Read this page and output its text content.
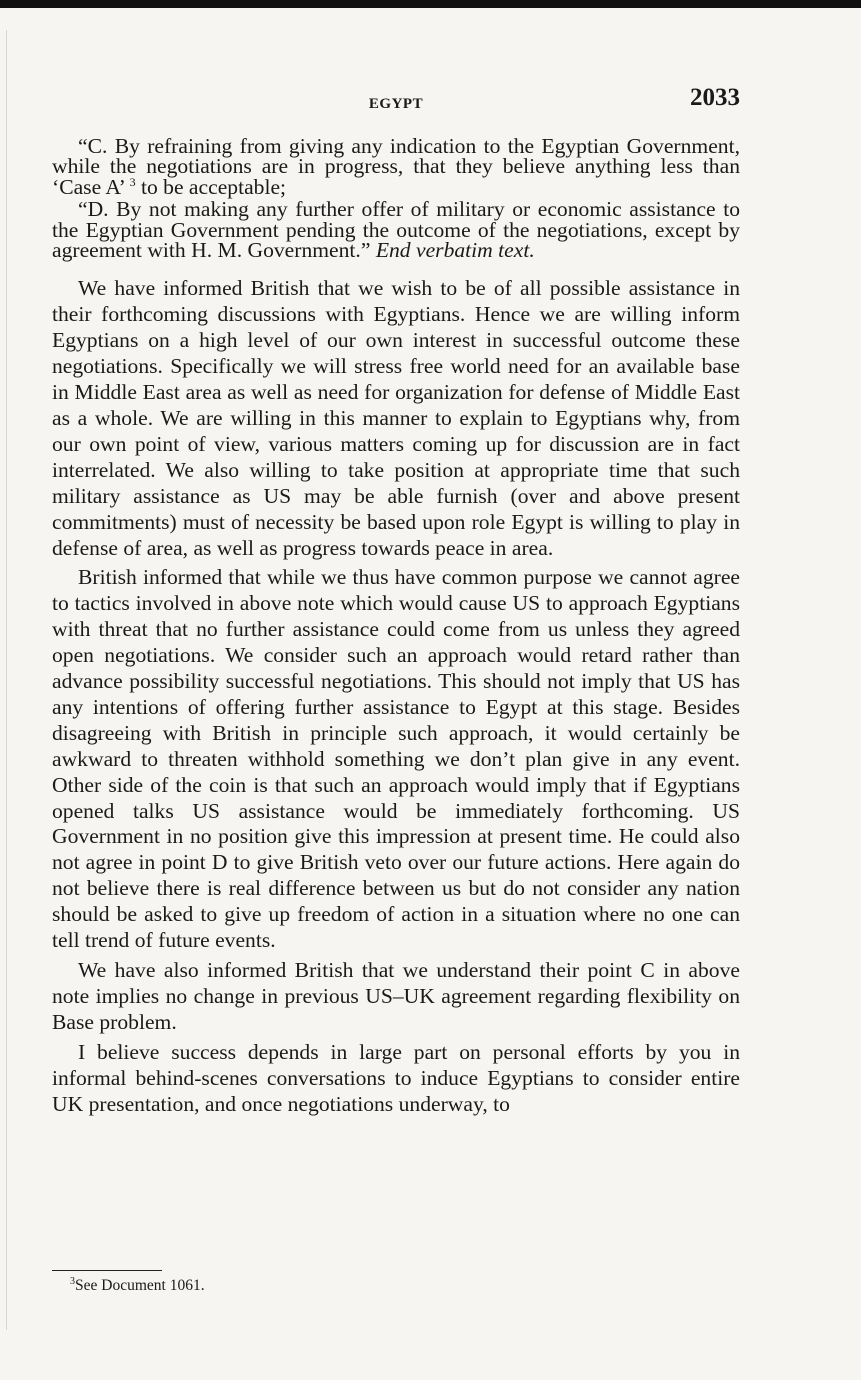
EGYPT	2033

“C. By refraining from giving any indication to the Egyptian Government, while the negotiations are in progress, that they believe anything less than ‘Case A’ $^3$ to be acceptable;

“D. By not making any further offer of military or economic assistance to the Egyptian Government pending the outcome of the negotiations, except by agreement with H. M. Government.” End verbatim text.

We have informed British that we wish to be of all possible assistance in their forthcoming discussions with Egyptians. Hence we are willing inform Egyptians on a high level of our own interest in successful outcome these negotiations. Specifically we will stress free world need for an available base in Middle East area as well as need for organization for defense of Middle East as a whole. We are willing in this manner to explain to Egyptians why, from our own point of view, various matters coming up for discussion are in fact interrelated. We also willing to take position at appropriate time that such military assistance as US may be able furnish (over and above present commitments) must of necessity be based upon role Egypt is willing to play in defense of area, as well as progress towards peace in area.

British informed that while we thus have common purpose we cannot agree to tactics involved in above note which would cause US to approach Egyptians with threat that no further assistance could come from us unless they agreed open negotiations. We consider such an approach would retard rather than advance possibility successful negotiations. This should not imply that US has any intentions of offering further assistance to Egypt at this stage. Besides disagreeing with British in principle such approach, it would certainly be awkward to threaten withhold something we don’t plan give in any event. Other side of the coin is that such an approach would imply that if Egyptians opened talks US assistance would be immediately forthcoming. US Government in no position give this impression at present time. He could also not agree in point D to give British veto over our future actions. Here again do not believe there is real difference between us but do not consider any nation should be asked to give up freedom of action in a situation where no one can tell trend of future events.

We have also informed British that we understand their point C in above note implies no change in previous US–UK agreement regarding flexibility on Base problem.

I believe success depends in large part on personal efforts by you in informal behind-scenes conversations to induce Egyptians to consider entire UK presentation, and once negotiations underway, to

$^3$See Document 1061.
